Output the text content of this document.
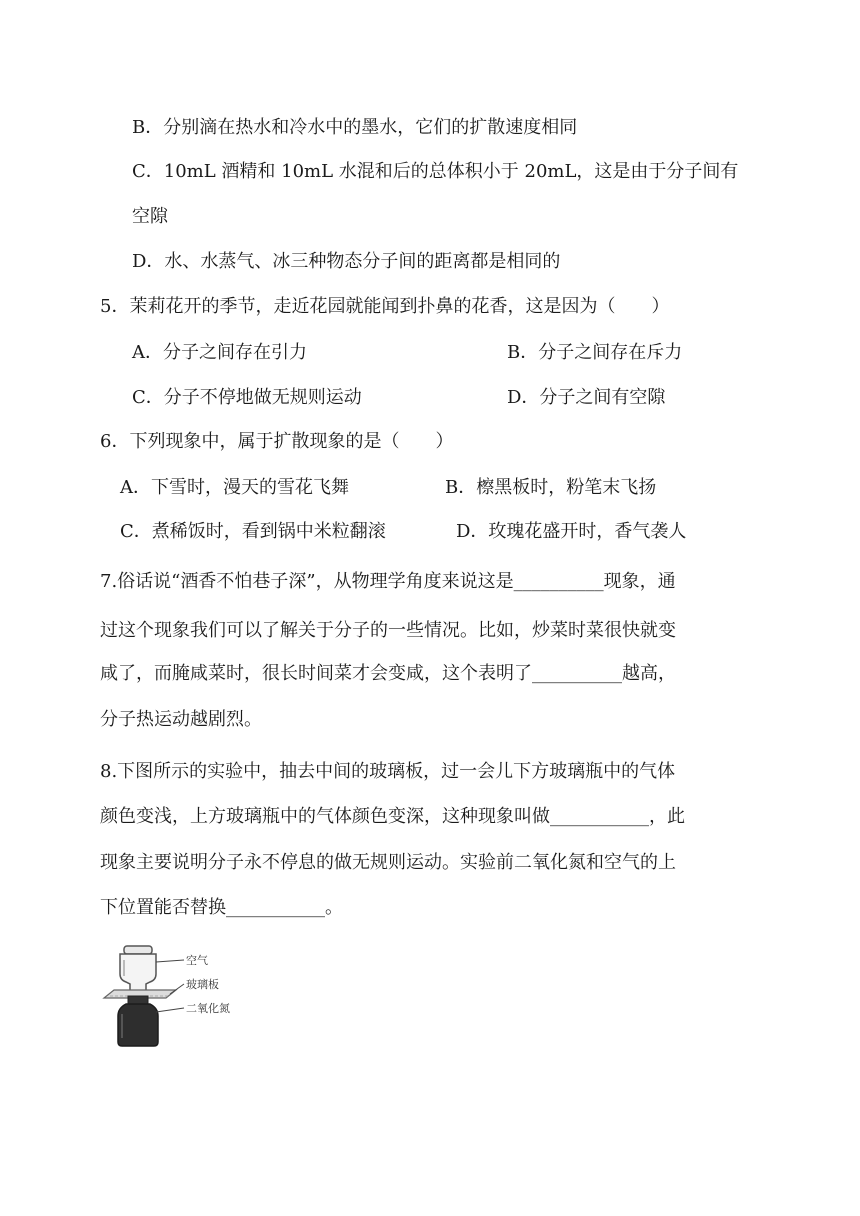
B．分别滴在热水和冷水中的墨水，它们的扩散速度相同
C．10mL 酒精和 10mL 水混和后的总体积小于 20mL，这是由于分子间有
空隙
D．水、水蒸气、冰三种物态分子间的距离都是相同的
5．茉莉花开的季节，走近花园就能闻到扑鼻的花香，这是因为（　　）
A．分子之间存在引力	B．分子之间存在斥力
C．分子不停地做无规则运动	D．分子之间有空隙
6．下列现象中，属于扩散现象的是（　　）
A．下雪时，漫天的雪花飞舞	B．檫黑板时，粉笔末飞扬
C．煮稀饭时，看到锅中米粒翻滚	D．玫瑰花盛开时，香气袭人
7.俗话说“酒香不怕巷子深”，从物理学角度来说这是__________现象，通
过这个现象我们可以了解关于分子的一些情况。比如，炒菜时菜很快就变
咸了，而腌咸菜时，很长时间菜才会变咸，这个表明了__________越高，
分子热运动越剧烈。
8.下图所示的实验中，抽去中间的玻璃板，过一会儿下方玻璃瓶中的气体
颜色变浅，上方玻璃瓶中的气体颜色变深，这种现象叫做___________，此
现象主要说明分子永不停息的做无规则运动。实验前二氧化氮和空气的上
下位置能否替换___________。
空气
玻璃板
二氧化氮
